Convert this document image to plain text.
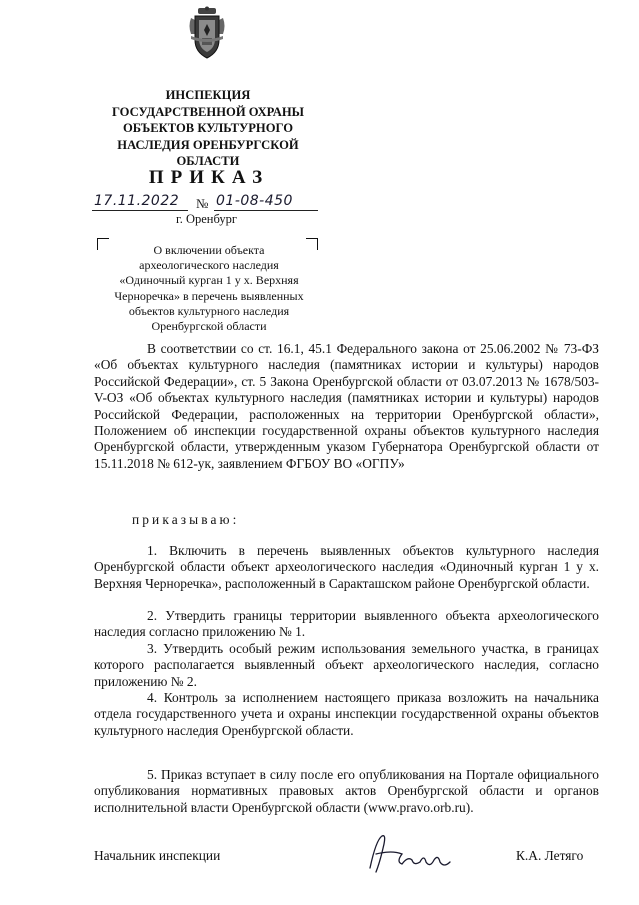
ИНСПЕКЦИЯ
ГОСУДАРСТВЕННОЙ ОХРАНЫ
ОБЪЕКТОВ КУЛЬТУРНОГО
НАСЛЕДИЯ ОРЕНБУРГСКОЙ
ОБЛАСТИ
ПРИКАЗ
17.11.2022 № 01-08-450
г. Оренбург
О включении объекта
археологического наследия
«Одиночный курган 1 у х. Верхняя
Черноречка» в перечень выявленных
объектов культурного наследия
Оренбургской области
В соответствии со ст. 16.1, 45.1 Федерального закона от 25.06.2002 № 73-ФЗ «Об объектах культурного наследия (памятниках истории и культуры) народов Российской Федерации», ст. 5 Закона Оренбургской области от 03.07.2013 № 1678/503-V-ОЗ «Об объектах культурного наследия (памятниках истории и культуры) народов Российской Федерации, расположенных на территории Оренбургской области», Положением об инспекции государственной охраны объектов культурного наследия Оренбургской области, утвержденным указом Губернатора Оренбургской области от 15.11.2018 № 612-ук, заявлением ФГБОУ ВО «ОГПУ»
приказываю:
1. Включить в перечень выявленных объектов культурного наследия Оренбургской области объект археологического наследия «Одиночный курган 1 у х. Верхняя Черноречка», расположенный в Саракташском районе Оренбургской области.
2. Утвердить границы территории выявленного объекта археологического наследия согласно приложению № 1.
3. Утвердить особый режим использования земельного участка, в границах которого располагается выявленный объект археологического наследия, согласно приложению № 2.
4. Контроль за исполнением настоящего приказа возложить на начальника отдела государственного учета и охраны инспекции государственной охраны объектов культурного наследия Оренбургской области.
5. Приказ вступает в силу после его опубликования на Портале официального опубликования нормативных правовых актов Оренбургской области и органов исполнительной власти Оренбургской области (www.pravo.orb.ru).
Начальник инспекции	К.А. Летяго
